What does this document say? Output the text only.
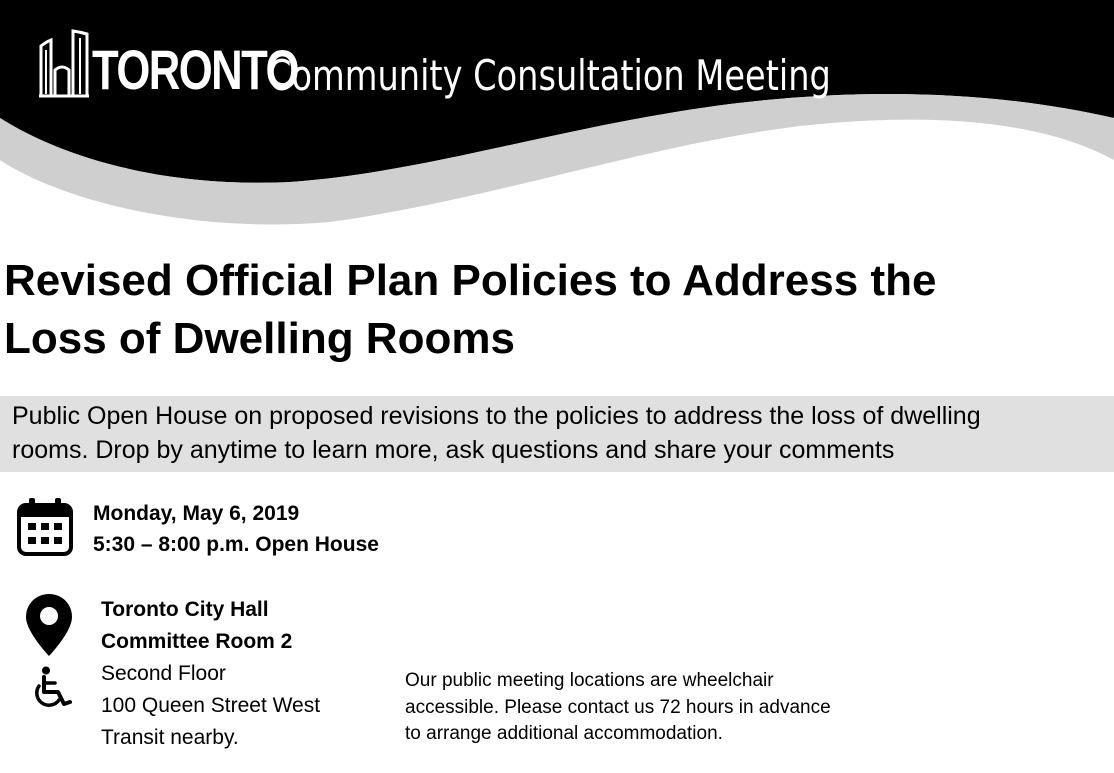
TORONTO
Community Consultation Meeting
Revised Official Plan Policies to Address the
Loss of Dwelling Rooms

Public Open House on proposed revisions to the policies to address the loss of dwelling
rooms. Drop by anytime to learn more, ask questions and share your comments

Monday, May 6, 2019
5:30 – 8:00 p.m. Open House
Toronto City Hall
Committee Room 2
Second Floor
100 Queen Street West
Transit nearby.
Our public meeting locations are wheelchair
accessible. Please contact us 72 hours in advance
to arrange additional accommodation.
